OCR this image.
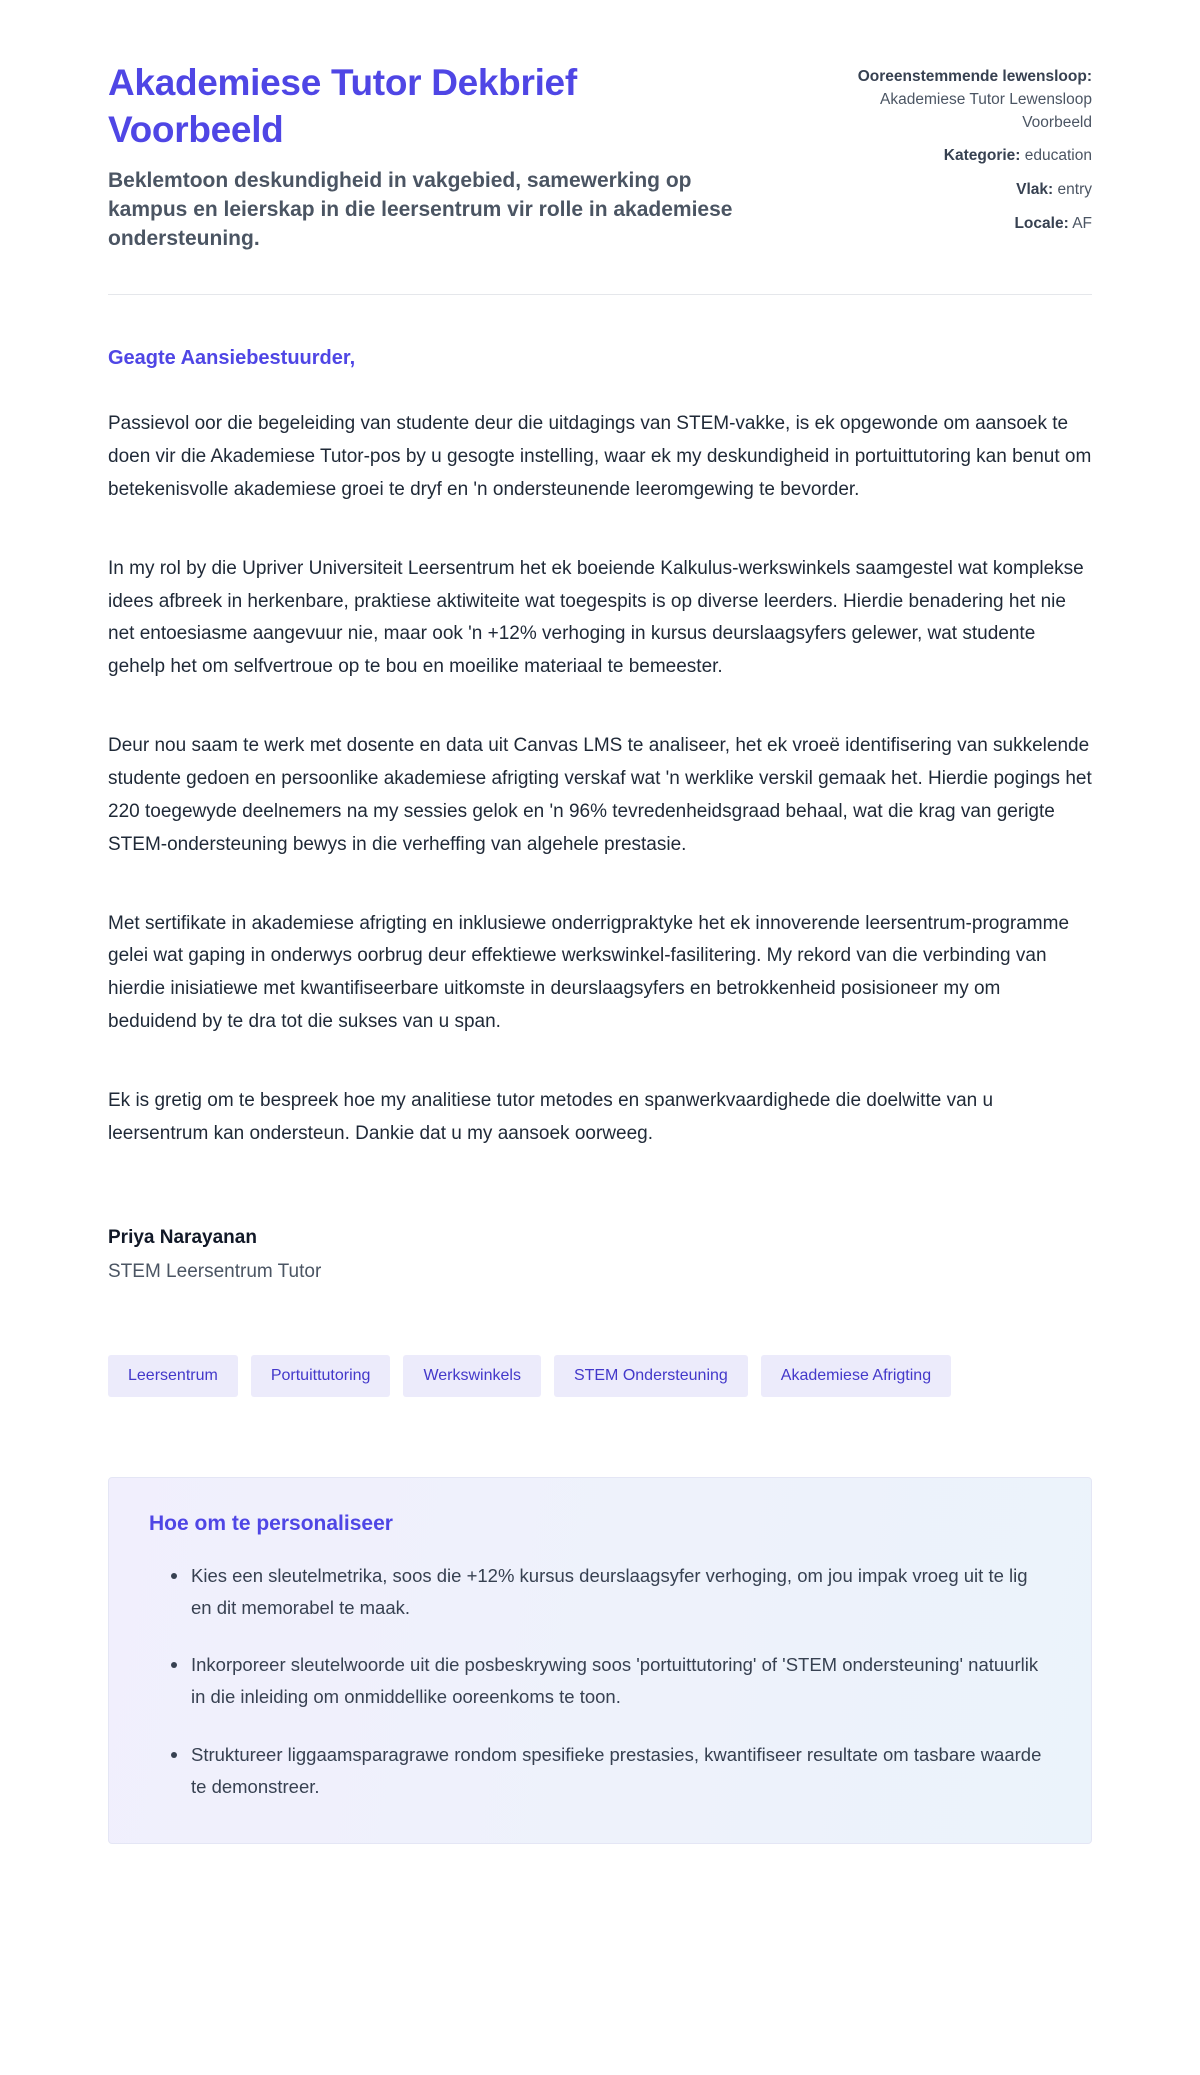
Akademiese Tutor Dekbrief Voorbeeld

Beklemtoon deskundigheid in vakgebied, samewerking op kampus en leierskap in die leersentrum vir rolle in akademiese ondersteuning.

Ooreenstemmende lewensloop: Akademiese Tutor Lewensloop Voorbeeld
Kategorie: education
Vlak: entry
Locale: AF

Geagte Aansiebestuurder,

Passievol oor die begeleiding van studente deur die uitdagings van STEM-vakke, is ek opgewonde om aansoek te doen vir die Akademiese Tutor-pos by u gesogte instelling, waar ek my deskundigheid in portuittutoring kan benut om betekenisvolle akademiese groei te dryf en 'n ondersteunende leeromgewing te bevorder.

In my rol by die Upriver Universiteit Leersentrum het ek boeiende Kalkulus-werkswinkels saamgestel wat komplekse idees afbreek in herkenbare, praktiese aktiwiteite wat toegespits is op diverse leerders. Hierdie benadering het nie net entoesiasme aangevuur nie, maar ook 'n +12% verhoging in kursus deurslaagsyfers gelewer, wat studente gehelp het om selfvertroue op te bou en moeilike materiaal te bemeester.

Deur nou saam te werk met dosente en data uit Canvas LMS te analiseer, het ek vroeë identifisering van sukkelende studente gedoen en persoonlike akademiese afrigting verskaf wat 'n werklike verskil gemaak het. Hierdie pogings het 220 toegewyde deelnemers na my sessies gelok en 'n 96% tevredenheidsgraad behaal, wat die krag van gerigte STEM-ondersteuning bewys in die verheffing van algehele prestasie.

Met sertifikate in akademiese afrigting en inklusiewe onderrigpraktyke het ek innoverende leersentrum-programme gelei wat gaping in onderwys oorbrug deur effektiewe werkswinkel-fasilitering. My rekord van die verbinding van hierdie inisiatiewe met kwantifiseerbare uitkomste in deurslaagsyfers en betrokkenheid posisioneer my om beduidend by te dra tot die sukses van u span.

Ek is gretig om te bespreek hoe my analitiese tutor metodes en spanwerkvaardighede die doelwitte van u leersentrum kan ondersteun. Dankie dat u my aansoek oorweeg.

Priya Narayanan

STEM Leersentrum Tutor

Leersentrum	Portuittutoring	Werkswinkels	STEM Ondersteuning	Akademiese Afrigting
Hoe om te personaliseer
Kies een sleutelmetrika, soos die +12% kursus deurslaagsyfer verhoging, om jou impak vroeg uit te lig en dit memorabel te maak.
Inkorporeer sleutelwoorde uit die posbeskrywing soos 'portuittutoring' of 'STEM ondersteuning' natuurlik in die inleiding om onmiddellike ooreenkoms te toon.
Struktureer liggaamsparagrawe rondom spesifieke prestasies, kwantifiseer resultate om tasbare waarde te demonstreer.
